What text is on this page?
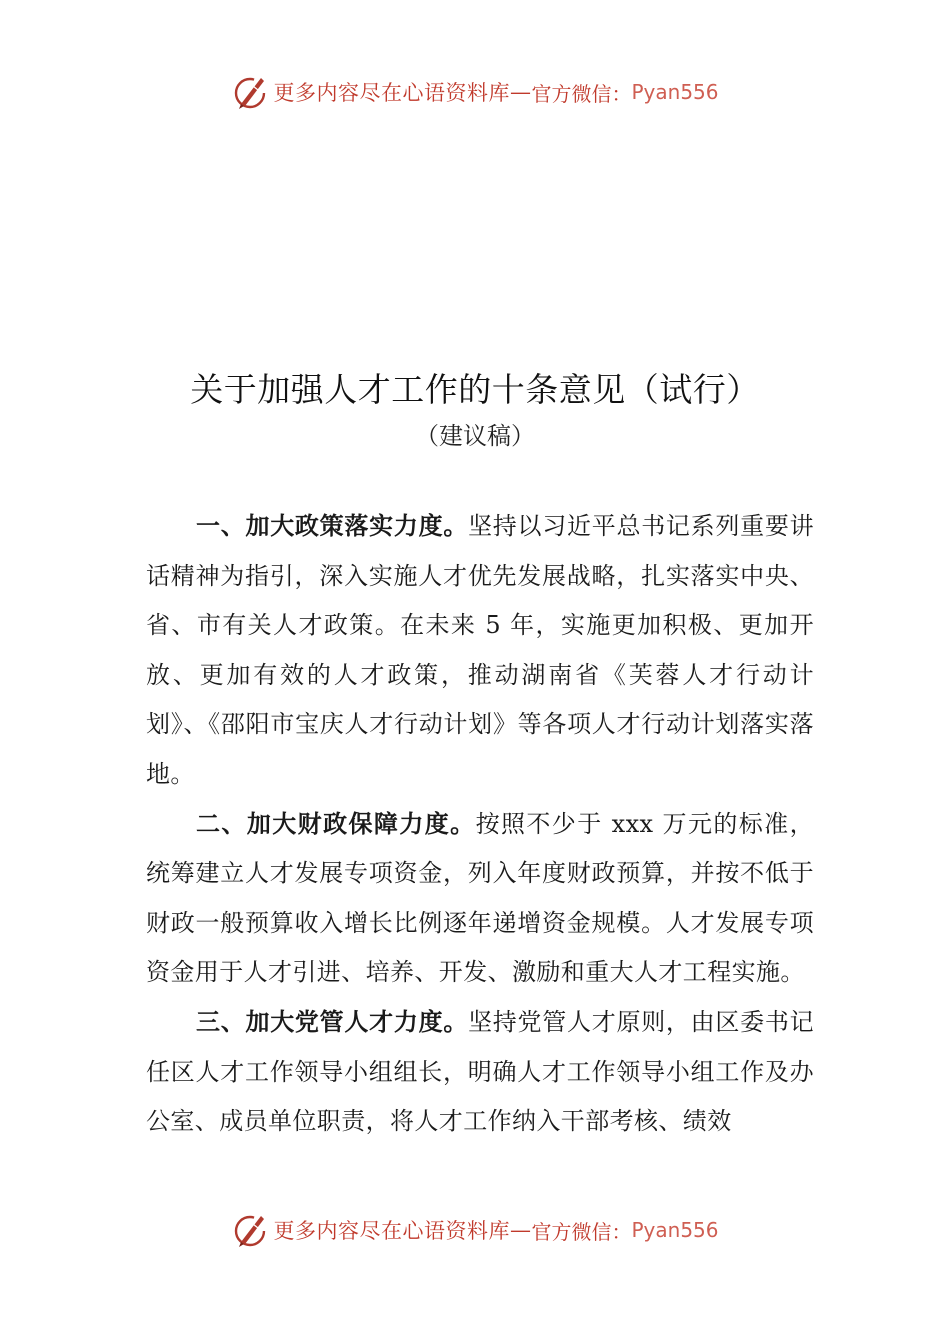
更多内容尽在心语资料库 — 官方微信： Pyan556
关于加强人才工作的十条意见（试行）

（建议稿）

一、加大政策落实力度。坚持以习近平总书记系列重要讲话精神为指引，深入实施人才优先发展战略，扎实落实中央、省、市有关人才政策。在未来 5 年，实施更加积极、更加开放、更加有效的人才政策，推动湖南省《芙蓉人才行动计划》、《邵阳市宝庆人才行动计划》等各项人才行动计划落实落地。

二、加大财政保障力度。按照不少于 xxx 万元的标准， 统筹建立人才发展专项资金，列入年度财政预算，并按不低于财政一般预算收入增长比例逐年递增资金规模。人才发展专项资金用于人才引进、培养、开发、激励和重大人才工程实施。

三、加大党管人才力度。坚持党管人才原则，由区委书记任区人才工作领导小组组长，明确人才工作领导小组工作及办公室、成员单位职责，将人才工作纳入干部考核、绩效

更多内容尽在心语资料库 — 官方微信： Pyan556
